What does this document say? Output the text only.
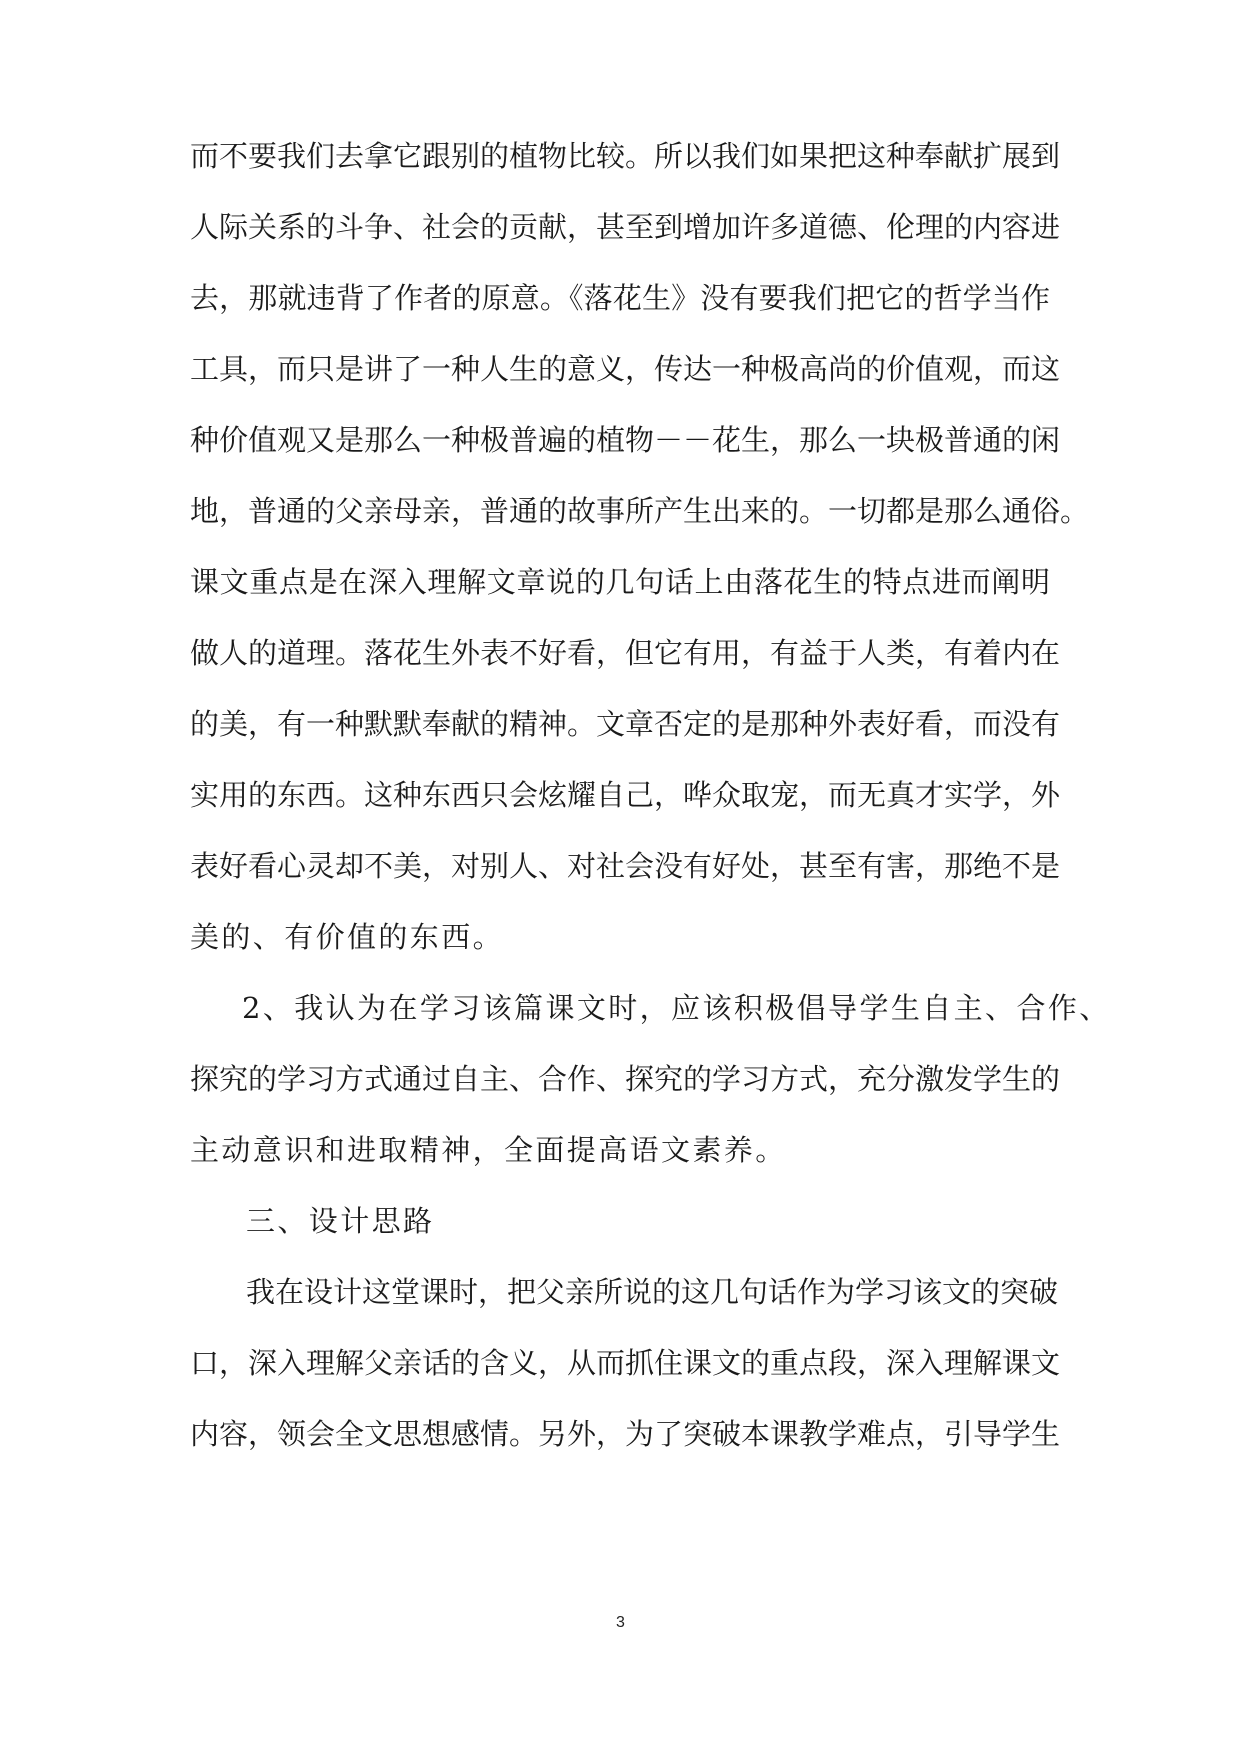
而不要我们去拿它跟别的植物比较。所以我们如果把这种奉献扩展到
人际关系的斗争、社会的贡献，甚至到增加许多道德、伦理的内容进
去，那就违背了作者的原意。《落花生》没有要我们把它的哲学当作
工具，而只是讲了一种人生的意义，传达一种极高尚的价值观，而这
种价值观又是那么一种极普遍的植物－－花生，那么一块极普通的闲
地，普通的父亲母亲，普通的故事所产生出来的。一切都是那么通俗。
课文重点是在深入理解文章说的几句话上由落花生的特点进而阐明
做人的道理。落花生外表不好看，但它有用，有益于人类，有着内在
的美，有一种默默奉献的精神。文章否定的是那种外表好看，而没有
实用的东西。这种东西只会炫耀自己，哗众取宠，而无真才实学，外
表好看心灵却不美，对别人、对社会没有好处，甚至有害，那绝不是
美的、有价值的东西。
2、我认为在学习该篇课文时，应该积极倡导学生自主、合作、
探究的学习方式通过自主、合作、探究的学习方式，充分激发学生的
主动意识和进取精神，全面提高语文素养。
三、设计思路
我在设计这堂课时，把父亲所说的这几句话作为学习该文的突破
口，深入理解父亲话的含义，从而抓住课文的重点段，深入理解课文
内容，领会全文思想感情。另外，为了突破本课教学难点，引导学生
3
